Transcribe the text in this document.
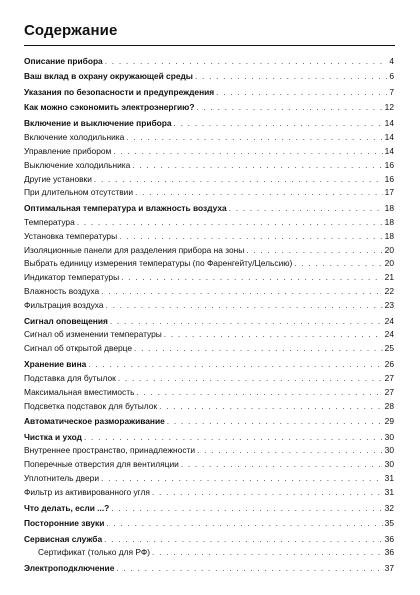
Содержание
Описание прибора . . .	4
Ваш вклад в охрану окружающей среды . . .	6
Указания по безопасности и предупреждения . . .	7
Как можно сэкономить электроэнергию? . . .	12
Включение и выключение прибора . . .	14
Включение холодильника . . .	14
Управление прибором . . .	14
Выключение холодильника . . .	16
Другие установки . . .	16
При длительном отсутствии . . .	17
Оптимальная температура и влажность воздуха . . .	18
Температура . . .	18
Установка температуры . . .	18
Изоляционные панели для разделения прибора на зоны . . .	20
Выбрать единицу измерения температуры (по Фаренгейту/Цельсию) . . .	20
Индикатор температуры . . .	21
Влажность воздуха . . .	22
Фильтрация воздуха . . .	23
Сигнал оповещения . . .	24
Сигнал об изменении температуры . . .	24
Сигнал об открытой дверце . . .	25
Хранение вина . . .	26
Подставка для бутылок . . .	27
Максимальная вместимость . . .	27
Подсветка подставок для бутылок . . .	28
Автоматическое размораживание . . .	29
Чистка и уход . . .	30
Внутреннее пространство, принадлежности . . .	30
Поперечные отверстия для вентиляции . . .	30
Уплотнитель двери . . .	31
Фильтр из активированного угля . . .	31
Что делать, если ...? . . .	32
Посторонние звуки . . .	35
Сервисная служба . . .	36
Сертификат (только для РФ) . . .	36
Электроподключение . . .	37
